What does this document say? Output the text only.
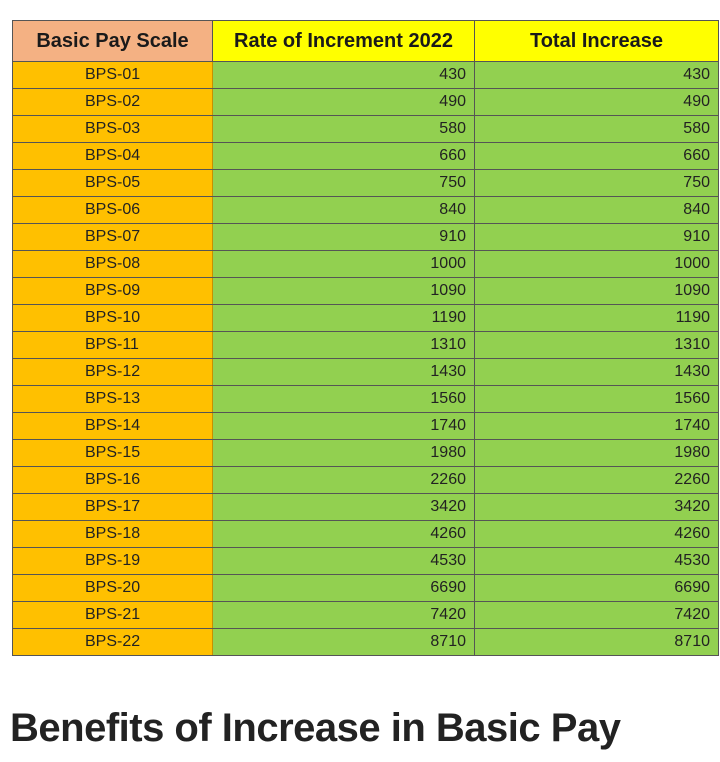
Basic Pay Scale	Rate of Increment 2022	Total Increase
BPS-01	430	430
BPS-02	490	490
BPS-03	580	580
BPS-04	660	660
BPS-05	750	750
BPS-06	840	840
BPS-07	910	910
BPS-08	1000	1000
BPS-09	1090	1090
BPS-10	1190	1190
BPS-11	1310	1310
BPS-12	1430	1430
BPS-13	1560	1560
BPS-14	1740	1740
BPS-15	1980	1980
BPS-16	2260	2260
BPS-17	3420	3420
BPS-18	4260	4260
BPS-19	4530	4530
BPS-20	6690	6690
BPS-21	7420	7420
BPS-22	8710	8710
Benefits of Increase in Basic Pay
